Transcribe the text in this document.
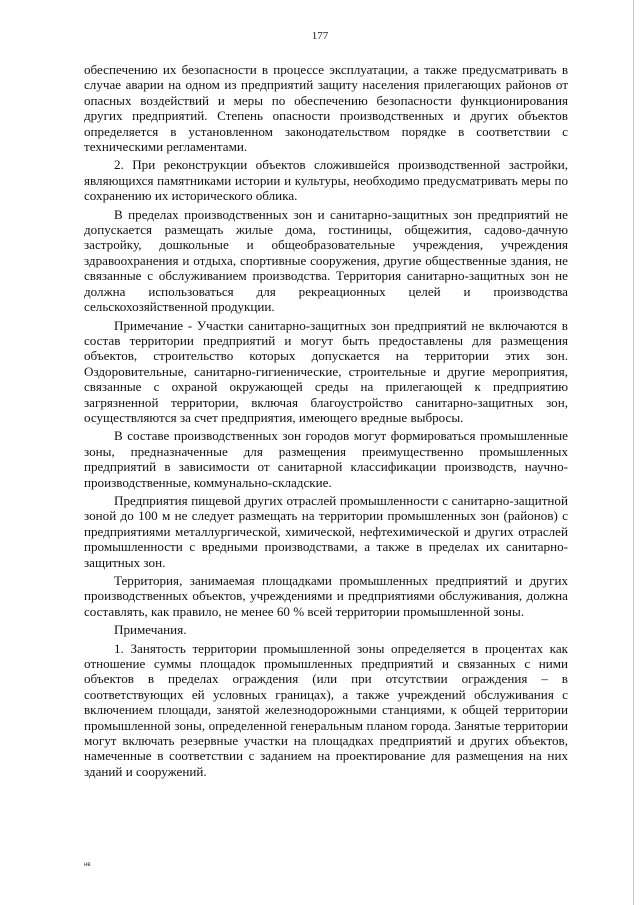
177

обеспечению их безопасности в процессе эксплуатации, а также предусматривать в случае аварии на одном из предприятий защиту населения прилегающих районов от опасных воздействий и меры по обеспечению безопасности функционирования других предприятий. Степень опасности производственных и других объектов определяется в установленном законодательством порядке в соответствии с техническими регламентами.

2. При реконструкции объектов сложившейся производственной застройки, являющихся памятниками истории и культуры, необходимо предусматривать меры по сохранению их исторического облика.

В пределах производственных зон и санитарно-защитных зон предприятий не допускается размещать жилые дома, гостиницы, общежития, садово-дачную застройку, дошкольные и общеобразовательные учреждения, учреждения здравоохранения и отдыха, спортивные сооружения, другие общественные здания, не связанные с обслуживанием производства. Территория санитарно-защитных зон не должна использоваться для рекреационных целей и производства сельскохозяйственной продукции.

Примечание - Участки санитарно-защитных зон предприятий не включаются в состав территории предприятий и могут быть предоставлены для размещения объектов, строительство которых допускается на территории этих зон. Оздоровительные, санитарно-гигиенические, строительные и другие мероприятия, связанные с охраной окружающей среды на прилегающей к предприятию загрязненной территории, включая благоустройство санитарно-защитных зон, осуществляются за счет предприятия, имеющего вредные выбросы.

В составе производственных зон городов могут формироваться промышленные зоны, предназначенные для размещения преимущественно промышленных предприятий в зависимости от санитарной классификации производств, научно-производственные, коммунально-складские.

Предприятия пищевой других отраслей промышленности с санитарно-защитной зоной до 100 м не следует размещать на территории промышленных зон (районов) с предприятиями металлургической, химической, нефтехимической и других отраслей промышленности с вредными производствами, а также в пределах их санитарно-защитных зон.

Территория, занимаемая площадками промышленных предприятий и других производственных объектов, учреждениями и предприятиями обслуживания, должна составлять, как правило, не менее 60 % всей территории промышленной зоны.

Примечания.

1. Занятость территории промышленной зоны определяется в процентах как отношение суммы площадок промышленных предприятий и связанных с ними объектов в пределах ограждения (или при отсутствии ограждения – в соответствующих ей условных границах), а также учреждений обслуживания с включением площади, занятой железнодорожными станциями, к общей территории промышленной зоны, определенной генеральным планом города. Занятые территории могут включать резервные участки на площадках предприятий и других объектов, намеченные в соответствии с заданием на проектирование для размещения на них зданий и сооружений.

нв
